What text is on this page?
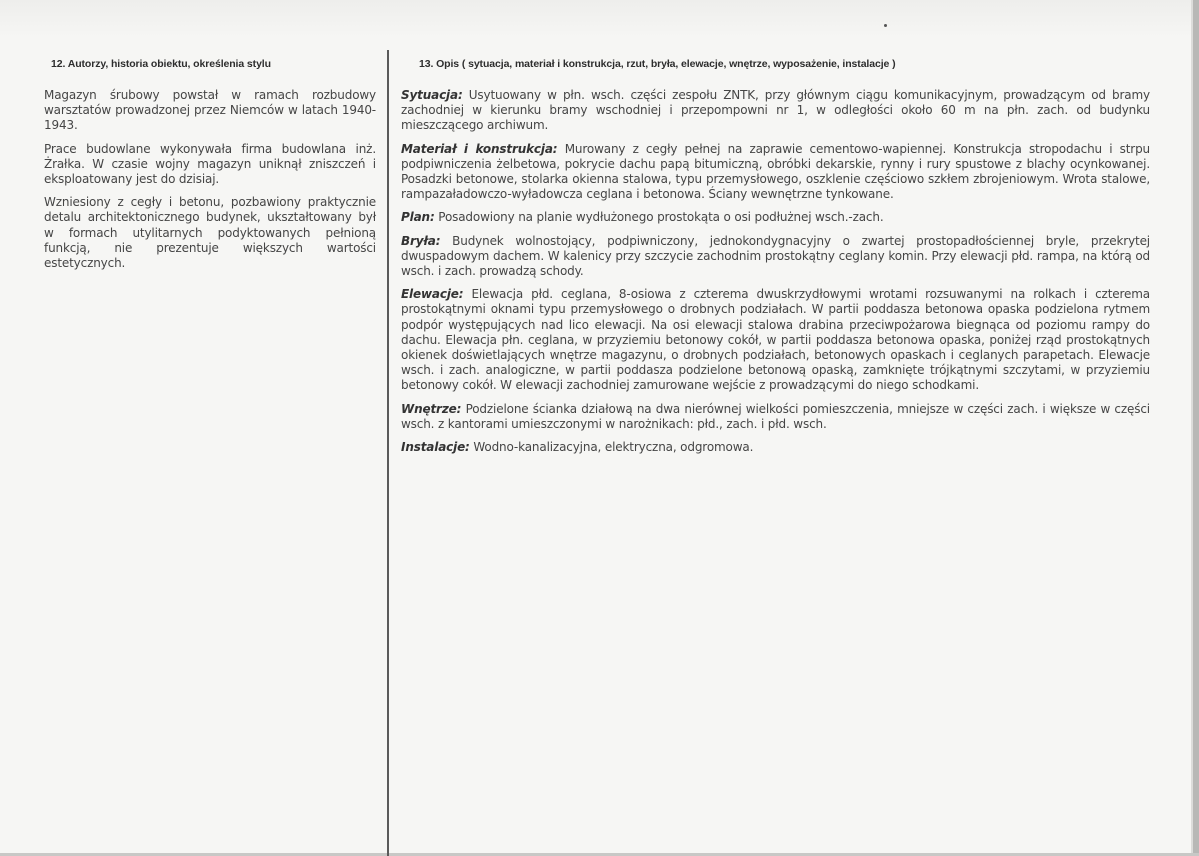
12. Autorzy, historia obiektu, określenia stylu

Magazyn śrubowy powstał w ramach rozbudowy warsztatów prowadzonej przez Niemców w latach 1940-1943.

Prace budowlane wykonywała firma budowlana inż. Żrałka. W czasie wojny magazyn uniknął zniszczeń i eksploatowany jest do dzisiaj.

Wzniesiony z cegły i betonu, pozbawiony praktycznie detalu architektonicznego budynek, ukształtowany był w formach utylitarnych podyktowanych pełnioną funkcją, nie prezentuje większych wartości estetycznych.

13. Opis ( sytuacja, materiał i konstrukcja, rzut, bryła, elewacje, wnętrze, wyposażenie, instalacje )

Sytuacja: Usytuowany w płn. wsch. części zespołu ZNTK, przy głównym ciągu komunikacyjnym, prowadzącym od bramy zachodniej w kierunku bramy wschodniej i przepompowni nr 1, w odległości około 60 m na płn. zach. od budynku mieszczącego archiwum.

Materiał i konstrukcja: Murowany z cegły pełnej na zaprawie cementowo-wapiennej. Konstrukcja stropodachu i strpu podpiwniczenia żelbetowa, pokrycie dachu papą bitumiczną, obróbki dekarskie, rynny i rury spustowe z blachy ocynkowanej. Posadzki betonowe, stolarka okienna stalowa, typu przemysłowego, oszklenie częściowo szkłem zbrojeniowym. Wrota stalowe, rampazaładowczo-wyładowcza ceglana i betonowa. Ściany wewnętrzne tynkowane.

Plan: Posadowiony na planie wydłużonego prostokąta o osi podłużnej wsch.-zach.

Bryła: Budynek wolnostojący, podpiwniczony, jednokondygnacyjny o zwartej prostopadłościennej bryle, przekrytej dwuspadowym dachem. W kalenicy przy szczycie zachodnim prostokątny ceglany komin. Przy elewacji płd. rampa, na którą od wsch. i zach. prowadzą schody.

Elewacje: Elewacja płd. ceglana, 8-osiowa z czterema dwuskrzydłowymi wrotami rozsuwanymi na rolkach i czterema prostokątnymi oknami typu przemysłowego o drobnych podziałach. W partii poddasza betonowa opaska podzielona rytmem podpór występujących nad lico elewacji. Na osi elewacji stalowa drabina przeciwpożarowa biegnąca od poziomu rampy do dachu. Elewacja płn. ceglana, w przyziemiu betonowy cokół, w partii poddasza betonowa opaska, poniżej rząd prostokątnych okienek doświetlających wnętrze magazynu, o drobnych podziałach, betonowych opaskach i ceglanych parapetach. Elewacje wsch. i zach. analogiczne, w partii poddasza podzielone betonową opaską, zamknięte trójkątnymi szczytami, w przyziemiu betonowy cokół. W elewacji zachodniej zamurowane wejście z prowadzącymi do niego schodkami.

Wnętrze: Podzielone ścianka działową na dwa nierównej wielkości pomieszczenia, mniejsze w części zach. i większe w części wsch. z kantorami umieszczonymi w narożnikach: płd., zach. i płd. wsch.

Instalacje: Wodno-kanalizacyjna, elektryczna, odgromowa.
